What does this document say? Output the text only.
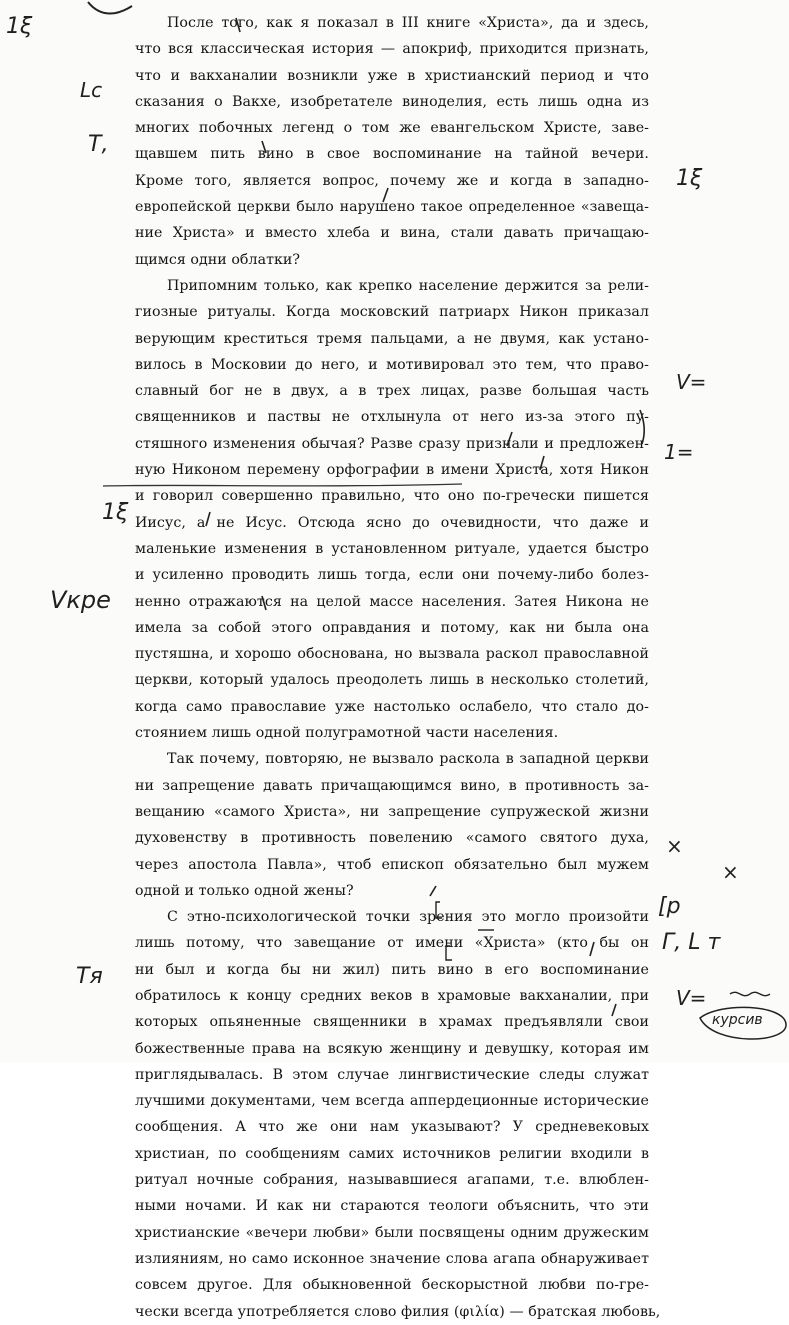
После того, как я показал в III книге «Христа», да и здесь,
что вся классическая история — апокриф, приходится признать,
что и вакханалии возникли уже в христианский период и что
сказания о Вакхе, изобретателе виноделия, есть лишь одна из
многих побочных легенд о том же евангельском Христе, заве-
щавшем пить вино в свое воспоминание на тайной вечери.
Кроме того, является вопрос, почему же и когда в западно-
европейской церкви было нарушено такое определенное «завеща-
ние Христа» и вместо хлеба и вина, стали давать причащаю-
щимся одни облатки?
Припомним только, как крепко население держится за рели-
гиозные ритуалы. Когда московский патриарх Никон приказал
верующим креститься тремя пальцами, а не двумя, как устано-
вилось в Московии до него, и мотивировал это тем, что право-
славный бог не в двух, а в трех лицах, разве большая часть
священников и паствы не отхлынула от него из-за этого пу-
стяшного изменения обычая? Разве сразу признали и предложен-
ную Никоном перемену орфографии в имени Христа, хотя Никон
и говорил совершенно правильно, что оно по-гречески пишется
Иисус, а не Исус. Отсюда ясно до очевидности, что даже и
маленькие изменения в установленном ритуале, удается быстро
и усиленно проводить лишь тогда, если они почему-либо болез-
ненно отражаются на целой массе населения. Затея Никона не
имела за собой этого оправдания и потому, как ни была она
пустяшна, и хорошо обоснована, но вызвала раскол православной
церкви, который удалось преодолеть лишь в несколько столетий,
когда само православие уже настолько ослабело, что стало до-
стоянием лишь одной полуграмотной части населения.
Так почему, повторяю, не вызвало раскола в западной церкви
ни запрещение давать причащающимся вино, в противность за-
вещанию «самого Христа», ни запрещение супружеской жизни
духовенству в противность повелению «самого святого духа,
через апостола Павла», чтоб епископ обязательно был мужем
одной и только одной жены?
С этно-психологической точки зрения это могло произойти
лишь потому, что завещание от имени «Христа» (кто бы он
ни был и когда бы ни жил) пить вино в его воспоминание
обратилось к концу средних веков в храмовые вакханалии, при
которых опьяненные священники в храмах предъявляли свои
божественные права на всякую женщину и девушку, которая им
приглядывалась. В этом случае лингвистические следы служат
лучшими документами, чем всегда аппердеционные исторические
сообщения. А что же они нам указывают? У средневековых
христиан, по сообщениям самих источников религии входили в
ритуал ночные собрания, называвшиеся агапами, т.е. влюблен-
ными ночами. И как ни стараются теологи объяснить, что эти
христианские «вечери любви» были посвящены одним дружеским
излияниям, но само исконное значение слова агапа обнаруживает
совсем другое. Для обыкновенной бескорыстной любви по-гре-
чески всегда употребляется слово филия (φιλία) — братская любовь,
1ξ
Lc
Т,
1ξ
V=
1=
1ξ
Vкре
×
×
[р
Г, L т
Тя
V=
курсив
